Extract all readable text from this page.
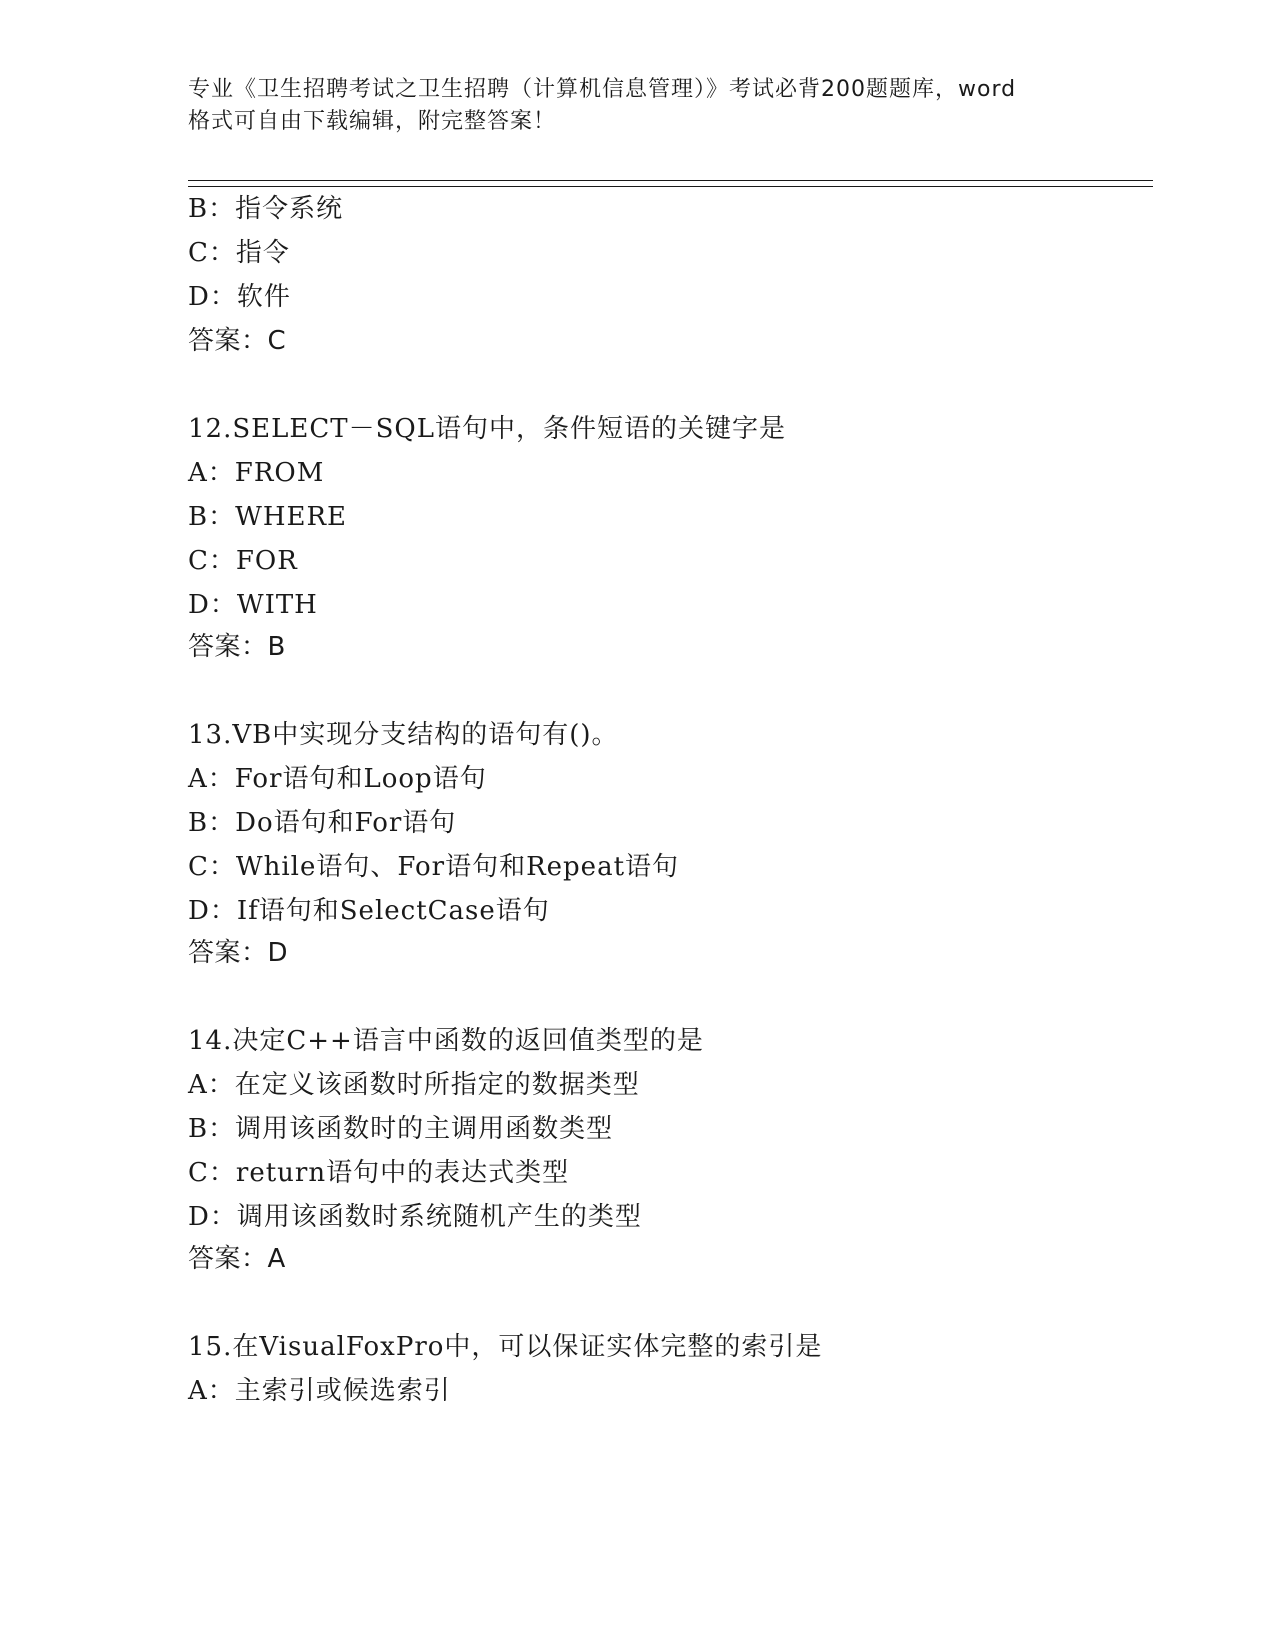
专业《卫生招聘考试之卫生招聘（计算机信息管理）》考试必背200题题库，word
格式可自由下载编辑，附完整答案！
B：指令系统
C：指令
D：软件
答案：C
12.SELECT－SQL语句中，条件短语的关键字是
A：FROM
B：WHERE
C：FOR
D：WITH
答案：B
13.VB中实现分支结构的语句有()。
A：For语句和Loop语句
B：Do语句和For语句
C：While语句、For语句和Repeat语句
D：If语句和SelectCase语句
答案：D
14.决定C++语言中函数的返回值类型的是
A：在定义该函数时所指定的数据类型
B：调用该函数时的主调用函数类型
C：return语句中的表达式类型
D：调用该函数时系统随机产生的类型
答案：A
15.在VisualFoxPro中，可以保证实体完整的索引是
A：主索引或候选索引
